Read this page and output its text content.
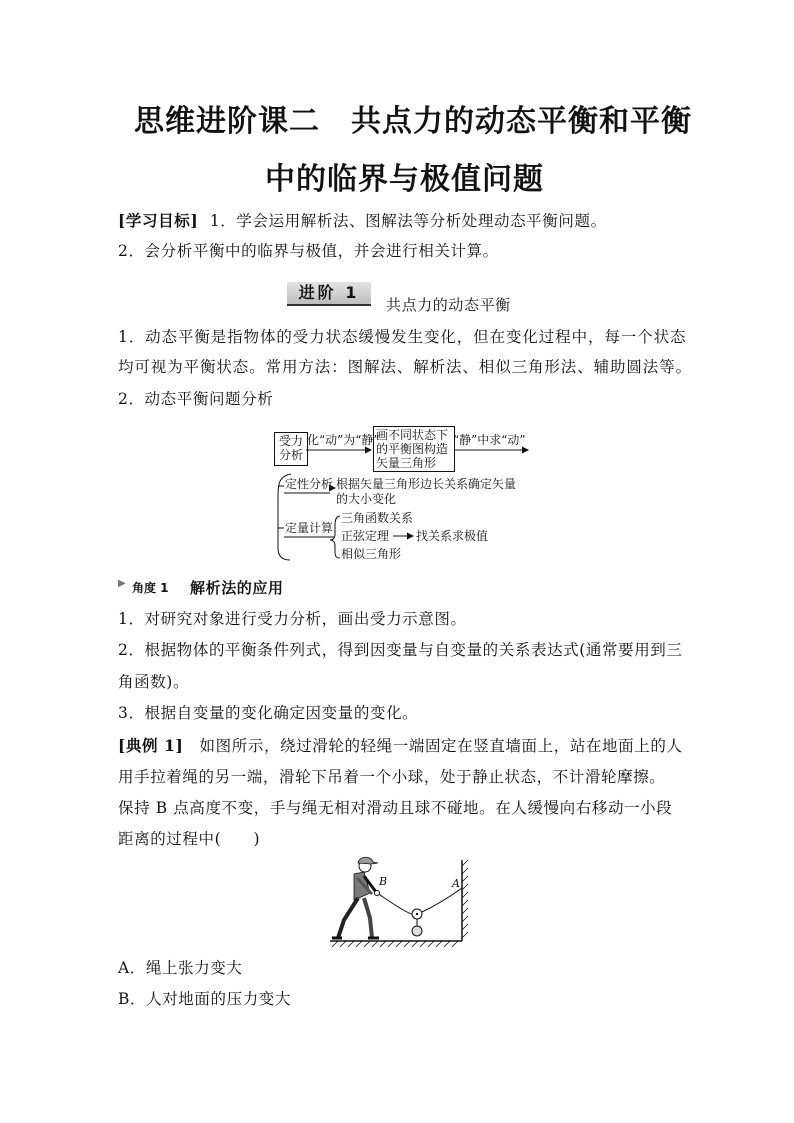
思维进阶课二　共点力的动态平衡和平衡
中的临界与极值问题
[学习目标] 1．学会运用解析法、图解法等分析处理动态平衡问题。
2．会分析平衡中的临界与极值，并会进行相关计算。
进阶 1
共点力的动态平衡
1．动态平衡是指物体的受力状态缓慢发生变化，但在变化过程中，每一个状态
均可视为平衡状态。常用方法：图解法、解析法、相似三角形法、辅助圆法等。
2．动态平衡问题分析
受力
分析
化“动”为“静”
画不同状态下
的平衡图构造
矢量三角形
“静”中求“动”
定性分析 根据矢量三角形边长关系确定矢量
的大小变化
定量计算
三角函数关系
正弦定理 找关系求极值
相似三角形
▶ 角度 1 解析法的应用
1．对研究对象进行受力分析，画出受力示意图。
2．根据物体的平衡条件列式，得到因变量与自变量的关系表达式(通常要用到三
角函数)。
3．根据自变量的变化确定因变量的变化。
[典例 1]　如图所示，绕过滑轮的轻绳一端固定在竖直墙面上，站在地面上的人
用手拉着绳的另一端，滑轮下吊着一个小球，处于静止状态，不计滑轮摩擦。
保持 B 点高度不变，手与绳无相对滑动且球不碰地。在人缓慢向右移动一小段
距离的过程中(　　)
B	A
A．绳上张力变大
B．人对地面的压力变大
